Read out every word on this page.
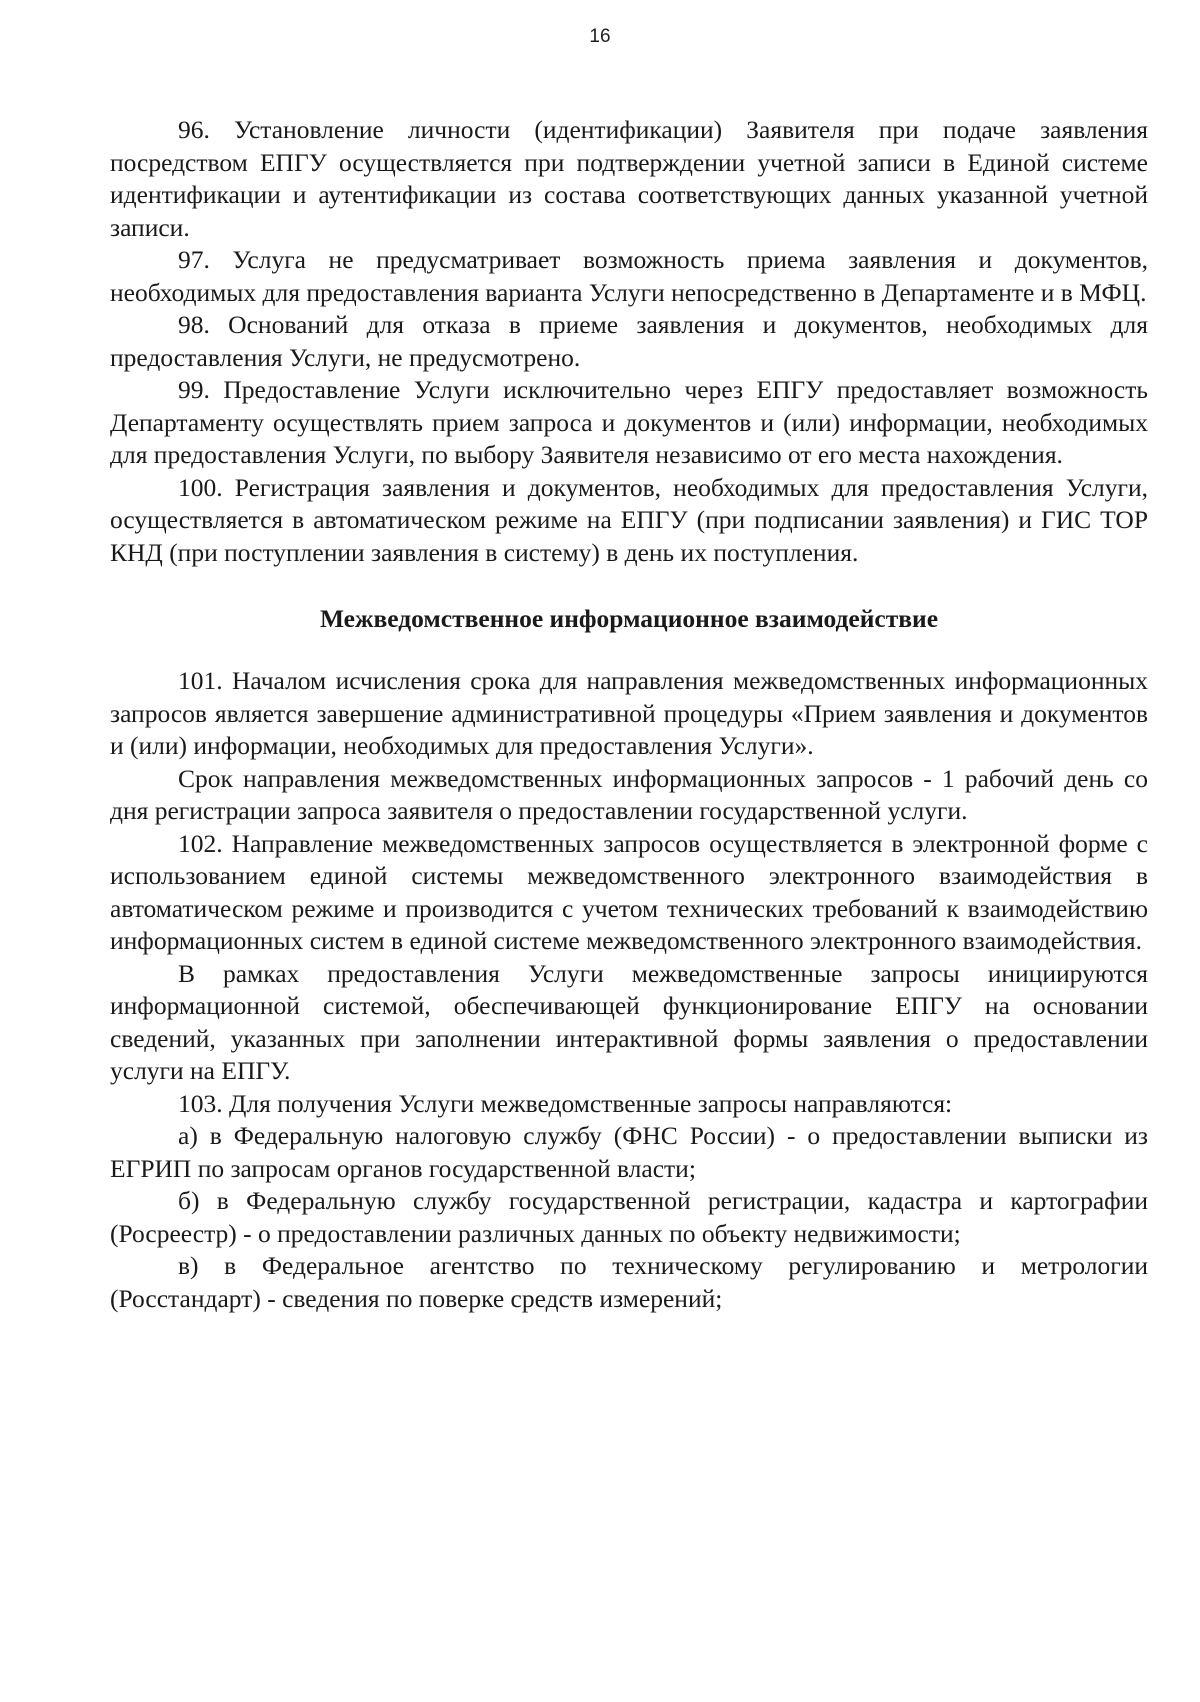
16

96. Установление личности (идентификации) Заявителя при подаче заявления посредством ЕПГУ осуществляется при подтверждении учетной записи в Единой системе идентификации и аутентификации из состава соответствующих данных указанной учетной записи.

97. Услуга не предусматривает возможность приема заявления и документов, необходимых для предоставления варианта Услуги непосредственно в Департаменте и в МФЦ.

98. Оснований для отказа в приеме заявления и документов, необходимых для предоставления Услуги, не предусмотрено.

99. Предоставление Услуги исключительно через ЕПГУ предоставляет возможность Департаменту осуществлять прием запроса и документов и (или) информации, необходимых для предоставления Услуги, по выбору Заявителя независимо от его места нахождения.

100. Регистрация заявления и документов, необходимых для предоставления Услуги, осуществляется в автоматическом режиме на ЕПГУ (при подписании заявления) и ГИС ТОР КНД (при поступлении заявления в систему) в день их поступления.

Межведомственное информационное взаимодействие

101. Началом исчисления срока для направления межведомственных информационных запросов является завершение административной процедуры «Прием заявления и документов и (или) информации, необходимых для предоставления Услуги».

Срок направления межведомственных информационных запросов - 1 рабочий день со дня регистрации запроса заявителя о предоставлении государственной услуги.

102. Направление межведомственных запросов осуществляется в электронной форме с использованием единой системы межведомственного электронного взаимодействия в автоматическом режиме и производится с учетом технических требований к взаимодействию информационных систем в единой системе межведомственного электронного взаимодействия.

В рамках предоставления Услуги межведомственные запросы инициируются информационной системой, обеспечивающей функционирование ЕПГУ на основании сведений, указанных при заполнении интерактивной формы заявления о предоставлении услуги на ЕПГУ.

103. Для получения Услуги межведомственные запросы направляются:

а) в Федеральную налоговую службу (ФНС России) - о предоставлении выписки из ЕГРИП по запросам органов государственной власти;

б) в Федеральную службу государственной регистрации, кадастра и картографии (Росреестр) - о предоставлении различных данных по объекту недвижимости;

в) в Федеральное агентство по техническому регулированию и метрологии (Росстандарт) - сведения по поверке средств измерений;
